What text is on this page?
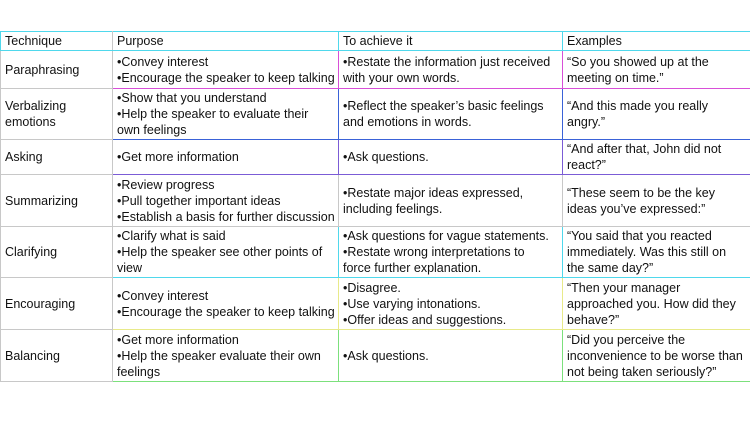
Technique	Purpose	To achieve it	Examples

Paraphrasing	•Convey interest
•Encourage the speaker to keep talking	•Restate the information just received
with your own words.	“So you showed up at the
meeting on time.”

Verbalizing
emotions	•Show that you understand
•Help the speaker to evaluate their
own feelings	•Reflect the speaker’s basic feelings
and emotions in words.	“And this made you really
angry.”

Asking	•Get more information	•Ask questions.	“And after that, John did not
react?”

Summarizing	•Review progress
•Pull together important ideas
•Establish a basis for further discussion	•Restate major ideas expressed,
including feelings.	“These seem to be the key
ideas you’ve expressed:”

Clarifying	•Clarify what is said
•Help the speaker see other points of
view	•Ask questions for vague statements.
•Restate wrong interpretations to
force further explanation.	“You said that you reacted
immediately. Was this still on
the same day?”

Encouraging	•Convey interest
•Encourage the speaker to keep talking	•Disagree.
•Use varying intonations.
•Offer ideas and suggestions.	“Then your manager
approached you. How did they
behave?”

Balancing	•Get more information
•Help the speaker evaluate their own
feelings	•Ask questions.	“Did you perceive the
inconvenience to be worse than
not being taken seriously?”
